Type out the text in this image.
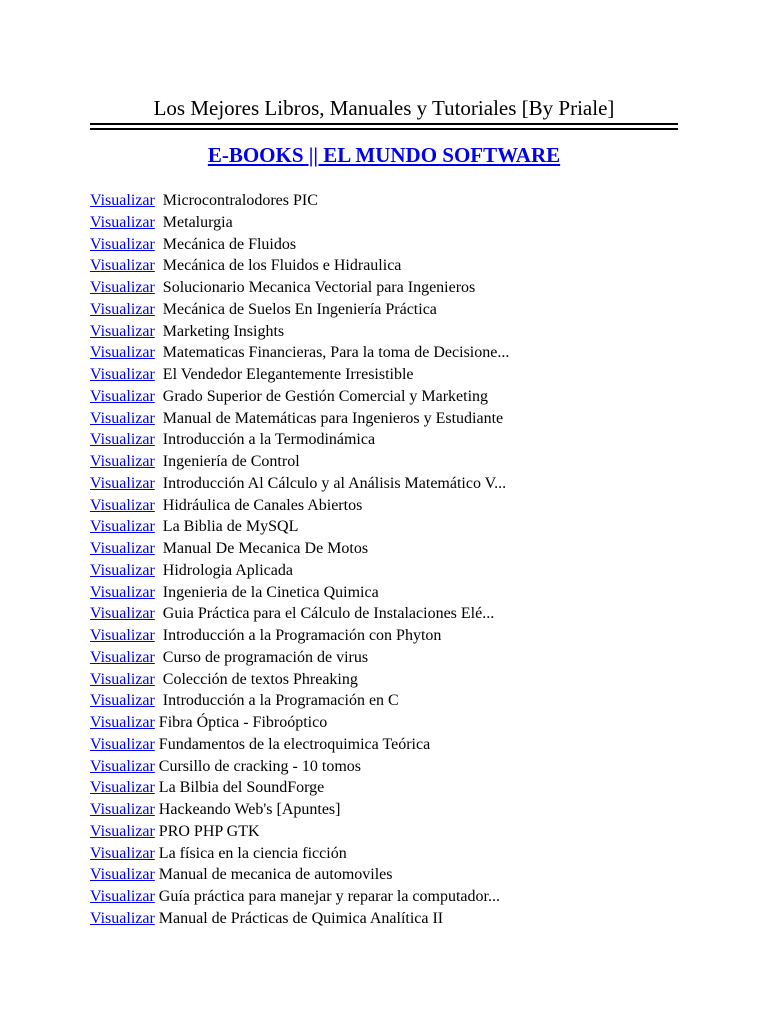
Los Mejores Libros, Manuales y Tutoriales [By Priale]
E-BOOKS || EL MUNDO SOFTWARE
Visualizar Microcontralodores PIC
Visualizar Metalurgia
Visualizar Mecánica de Fluidos
Visualizar Mecánica de los Fluidos e Hidraulica
Visualizar Solucionario Mecanica Vectorial para Ingenieros
Visualizar Mecánica de Suelos En Ingeniería Práctica
Visualizar Marketing Insights
Visualizar Matematicas Financieras, Para la toma de Decisione...
Visualizar El Vendedor Elegantemente Irresistible
Visualizar Grado Superior de Gestión Comercial y Marketing
Visualizar Manual de Matemáticas para Ingenieros y Estudiante
Visualizar Introducción a la Termodinámica
Visualizar Ingeniería de Control
Visualizar Introducción Al Cálculo y al Análisis Matemático V...
Visualizar Hidráulica de Canales Abiertos
Visualizar La Biblia de MySQL
Visualizar Manual De Mecanica De Motos
Visualizar Hidrologia Aplicada
Visualizar Ingenieria de la Cinetica Quimica
Visualizar Guia Práctica para el Cálculo de Instalaciones Elé...
Visualizar Introducción a la Programación con Phyton
Visualizar Curso de programación de virus
Visualizar Colección de textos Phreaking
Visualizar Introducción a la Programación en C
Visualizar Fibra Óptica - Fibroóptico
Visualizar Fundamentos de la electroquimica Teórica
Visualizar Cursillo de cracking - 10 tomos
Visualizar La Bilbia del SoundForge
Visualizar Hackeando Web's [Apuntes]
Visualizar PRO PHP GTK
Visualizar La física en la ciencia ficción
Visualizar Manual de mecanica de automoviles
Visualizar Guía práctica para manejar y reparar la computador...
Visualizar Manual de Prácticas de Quimica Analítica II
